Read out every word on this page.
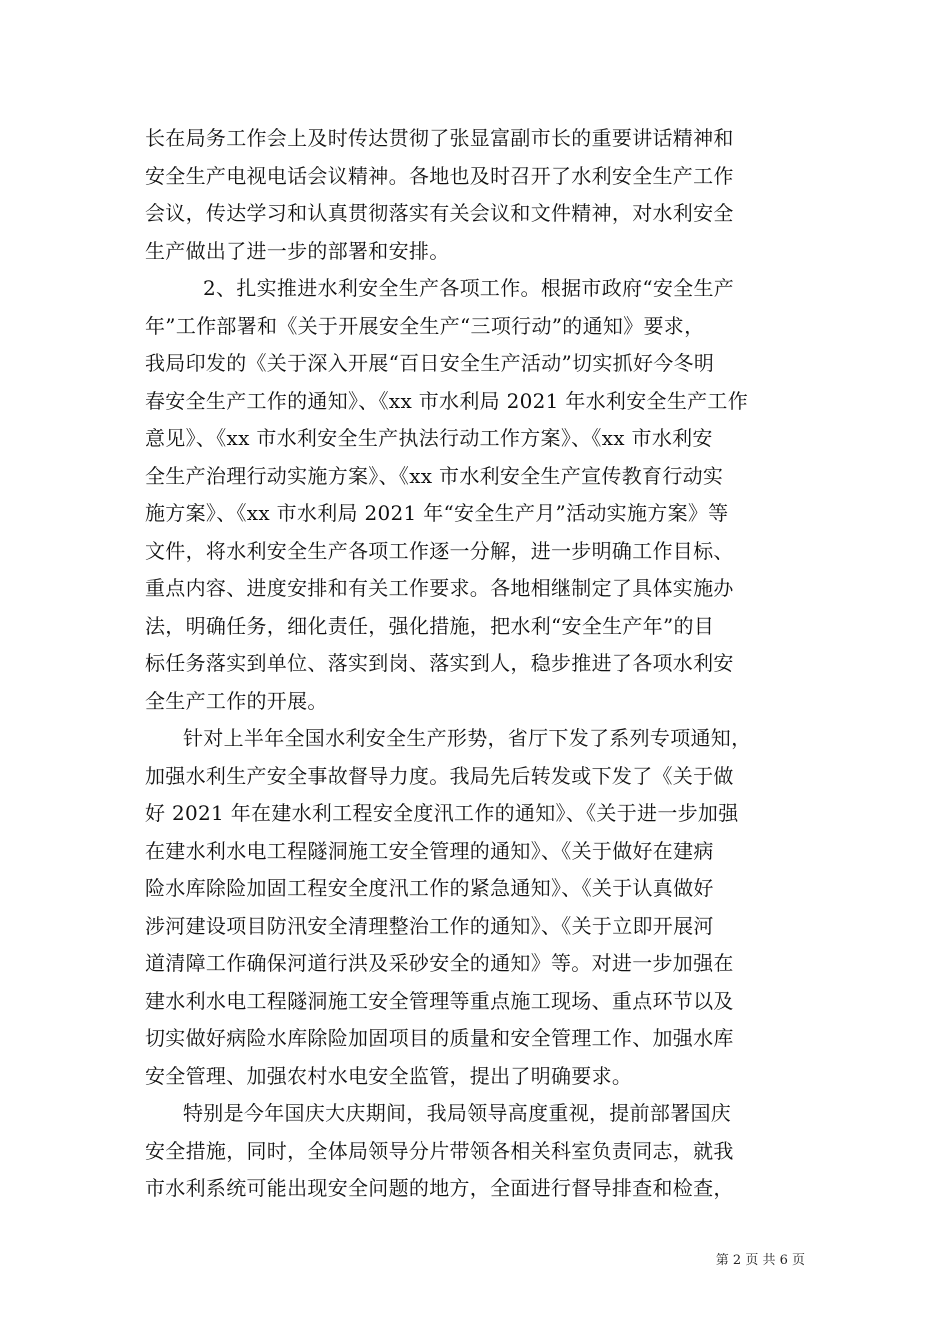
长在局务工作会上及时传达贯彻了张显富副市长的重要讲话精神和
安全生产电视电话会议精神。各地也及时召开了水利安全生产工作
会议，传达学习和认真贯彻落实有关会议和文件精神，对水利安全
生产做出了进一步的部署和安排。
2、扎实推进水利安全生产各项工作。根据市政府“安全生产
年”工作部署和《关于开展安全生产“三项行动”的通知》要求，
我局印发的《关于深入开展“百日安全生产活动”切实抓好今冬明
春安全生产工作的通知》、《xx 市水利局 2021 年水利安全生产工作
意见》、《xx 市水利安全生产执法行动工作方案》、《xx 市水利安
全生产治理行动实施方案》、《xx 市水利安全生产宣传教育行动实
施方案》、《xx 市水利局 2021 年“安全生产月”活动实施方案》等
文件，将水利安全生产各项工作逐一分解，进一步明确工作目标、
重点内容、进度安排和有关工作要求。各地相继制定了具体实施办
法，明确任务，细化责任，强化措施，把水利“安全生产年”的目
标任务落实到单位、落实到岗、落实到人，稳步推进了各项水利安
全生产工作的开展。
针对上半年全国水利安全生产形势，省厅下发了系列专项通知，
加强水利生产安全事故督导力度。我局先后转发或下发了《关于做
好 2021 年在建水利工程安全度汛工作的通知》、《关于进一步加强
在建水利水电工程隧洞施工安全管理的通知》、《关于做好在建病
险水库除险加固工程安全度汛工作的紧急通知》、《关于认真做好
涉河建设项目防汛安全清理整治工作的通知》、《关于立即开展河
道清障工作确保河道行洪及采砂安全的通知》等。对进一步加强在
建水利水电工程隧洞施工安全管理等重点施工现场、重点环节以及
切实做好病险水库除险加固项目的质量和安全管理工作、加强水库
安全管理、加强农村水电安全监管，提出了明确要求。
特别是今年国庆大庆期间，我局领导高度重视，提前部署国庆
安全措施，同时，全体局领导分片带领各相关科室负责同志，就我
市水利系统可能出现安全问题的地方，全面进行督导排查和检查，
第 2 页 共 6 页
